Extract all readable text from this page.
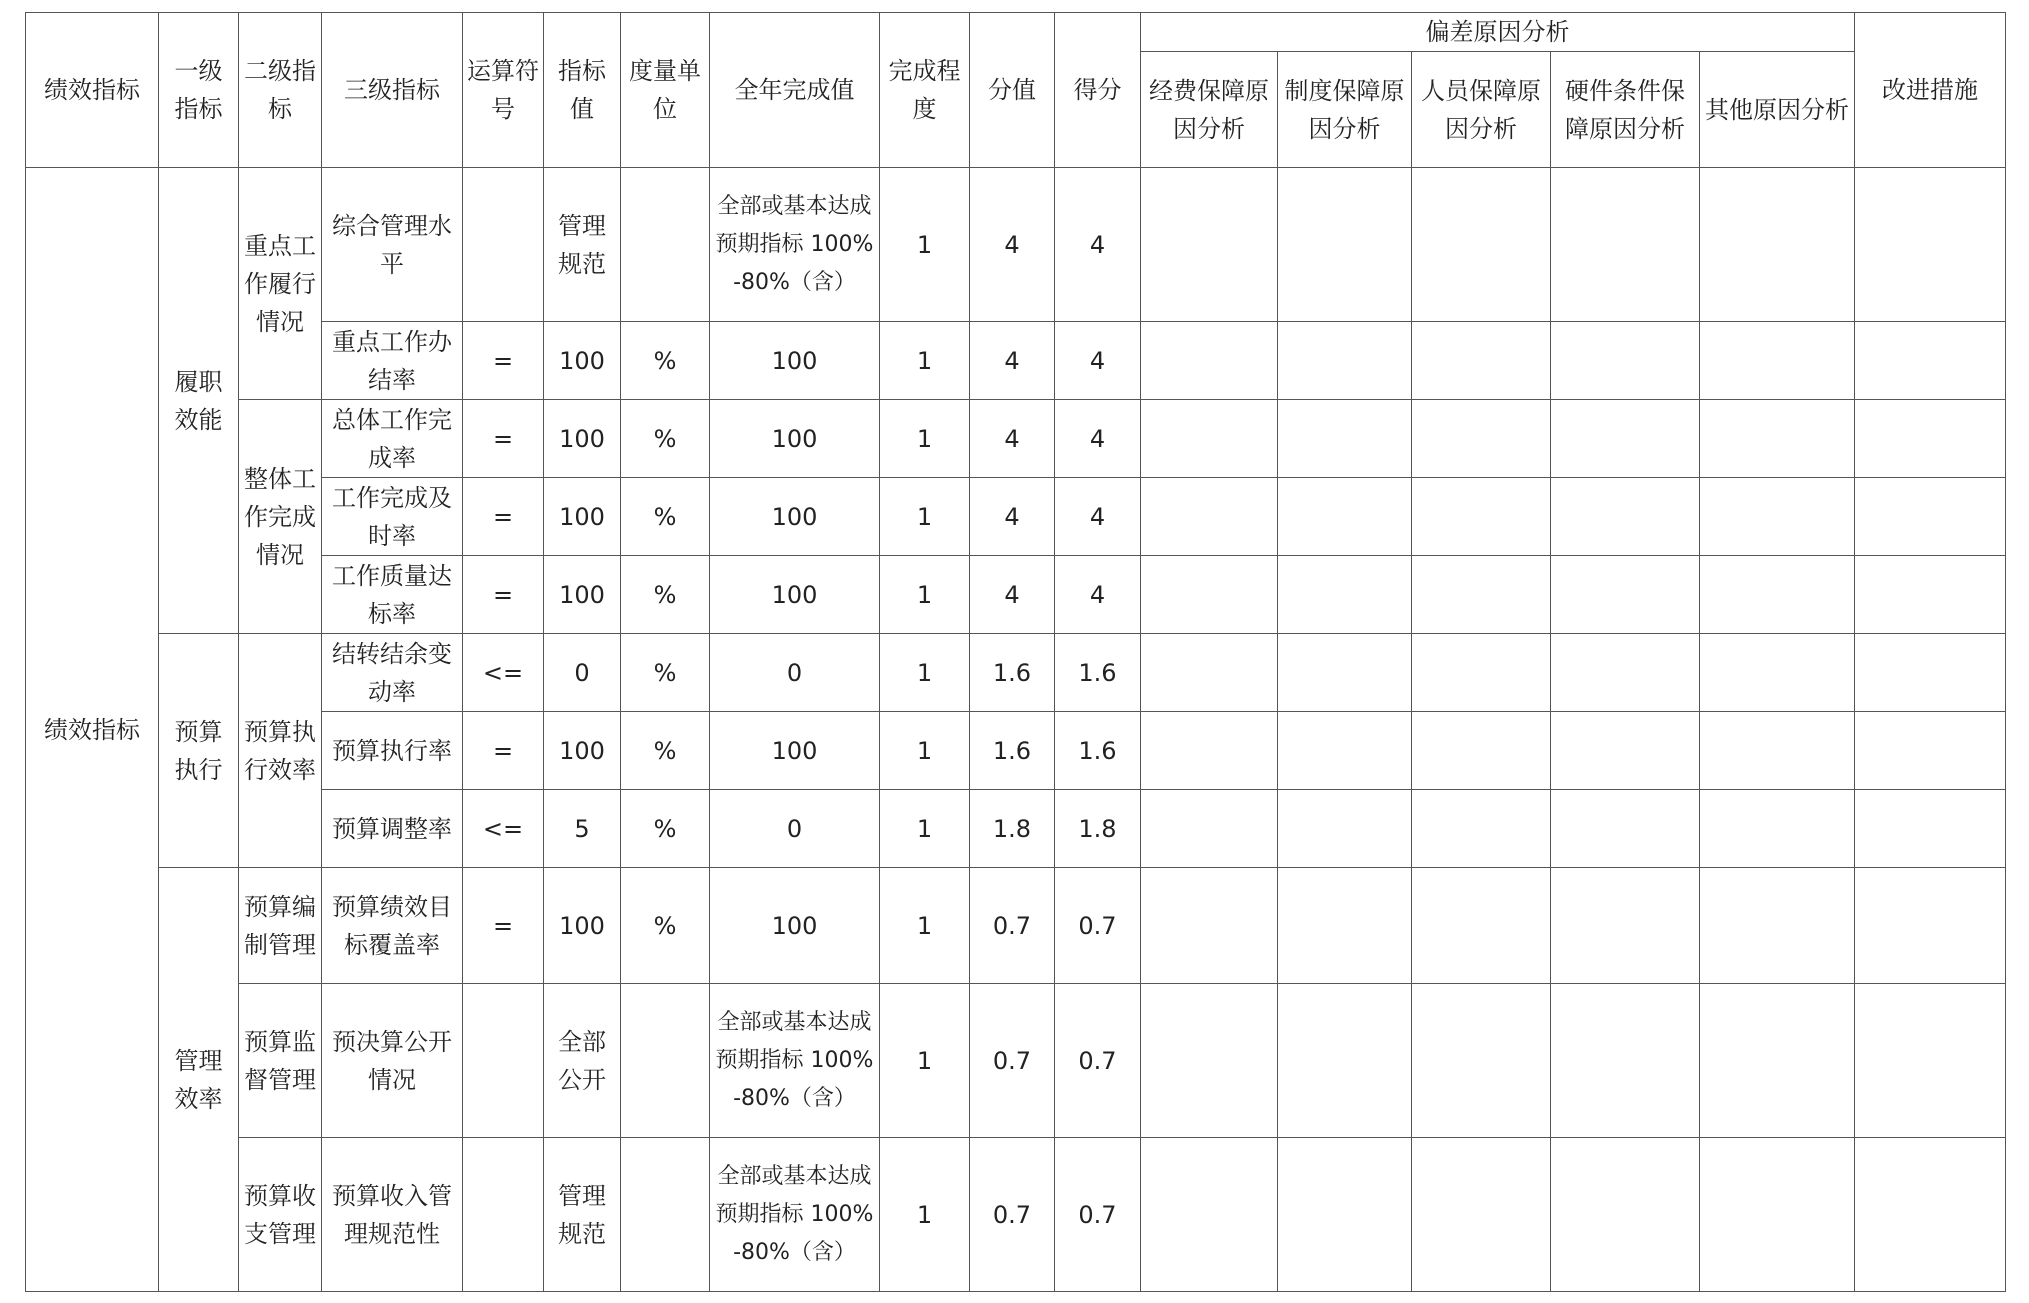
绩效指标	一级指标	二级指标	三级指标	运算符号	指标值	度量单位	全年完成值	完成程度	分值	得分	偏差原因分析					改进措施
											经费保障原因分析	制度保障原因分析	人员保障原因分析	硬件条件保障原因分析	其他原因分析	
绩效指标	履职效能	重点工作履行情况	综合管理水平		管理规范		全部或基本达成预期指标 100%-80%（含）	1	4	4						
			重点工作办结率	=	100	%	100	1	4	4						
		整体工作完成情况	总体工作完成率	=	100	%	100	1	4	4						
			工作完成及时率	=	100	%	100	1	4	4						
			工作质量达标率	=	100	%	100	1	4	4						
	预算执行	预算执行效率	结转结余变动率	<=	0	%	0	1	1.6	1.6						
			预算执行率	=	100	%	100	1	1.6	1.6						
			预算调整率	<=	5	%	0	1	1.8	1.8						
	管理效率	预算编制管理	预算绩效目标覆盖率	=	100	%	100	1	0.7	0.7						
		预算监督管理	预决算公开情况		全部公开		全部或基本达成预期指标 100%-80%（含）	1	0.7	0.7						
		预算收支管理	预算收入管理规范性		管理规范		全部或基本达成预期指标 100%-80%（含）	1	0.7	0.7						
